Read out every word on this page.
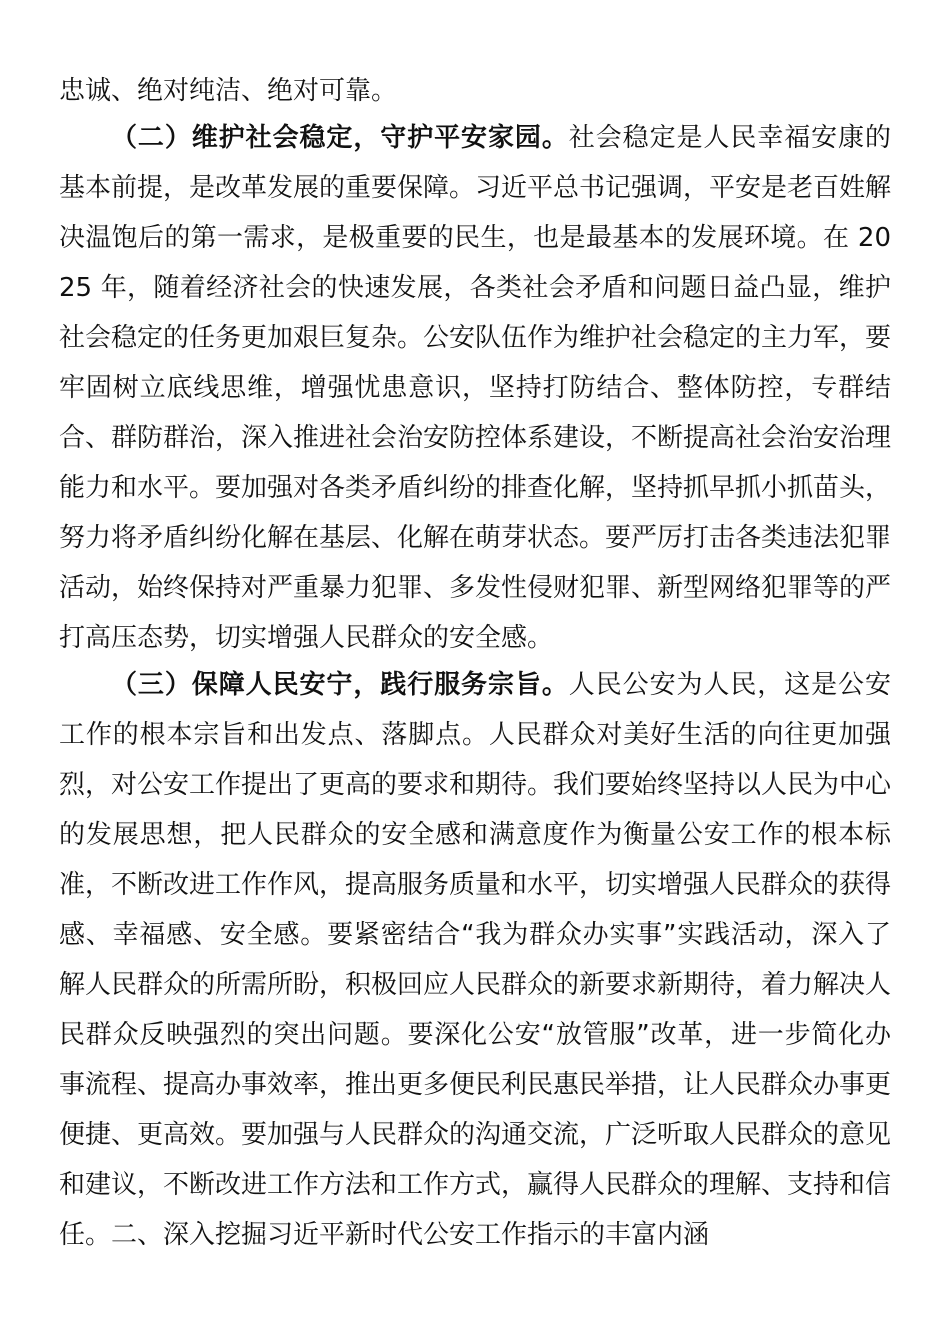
忠诚、绝对纯洁、绝对可靠。

（二）维护社会稳定，守护平安家园。社会稳定是人民幸福安康的基本前提，是改革发展的重要保障。习近平总书记强调，平安是老百姓解决温饱后的第一需求，是极重要的民生，也是最基本的发展环境。在 2025 年，随着经济社会的快速发展，各类社会矛盾和问题日益凸显，维护社会稳定的任务更加艰巨复杂。公安队伍作为维护社会稳定的主力军，要牢固树立底线思维，增强忧患意识，坚持打防结合、整体防控，专群结合、群防群治，深入推进社会治安防控体系建设，不断提高社会治安治理能力和水平。要加强对各类矛盾纠纷的排查化解，坚持抓早抓小抓苗头，努力将矛盾纠纷化解在基层、化解在萌芽状态。要严厉打击各类违法犯罪活动，始终保持对严重暴力犯罪、多发性侵财犯罪、新型网络犯罪等的严打高压态势，切实增强人民群众的安全感。

（三）保障人民安宁，践行服务宗旨。人民公安为人民，这是公安工作的根本宗旨和出发点、落脚点。人民群众对美好生活的向往更加强烈，对公安工作提出了更高的要求和期待。我们要始终坚持以人民为中心的发展思想，把人民群众的安全感和满意度作为衡量公安工作的根本标准，不断改进工作作风，提高服务质量和水平，切实增强人民群众的获得感、幸福感、安全感。要紧密结合“我为群众办实事”实践活动，深入了解人民群众的所需所盼，积极回应人民群众的新要求新期待，着力解决人民群众反映强烈的突出问题。要深化公安“放管服”改革，进一步简化办事流程、提高办事效率，推出更多便民利民惠民举措，让人民群众办事更便捷、更高效。要加强与人民群众的沟通交流，广泛听取人民群众的意见和建议，不断改进工作方法和工作方式，赢得人民群众的理解、支持和信任。 二、深入挖掘习近平新时代公安工作指示的丰富内涵
